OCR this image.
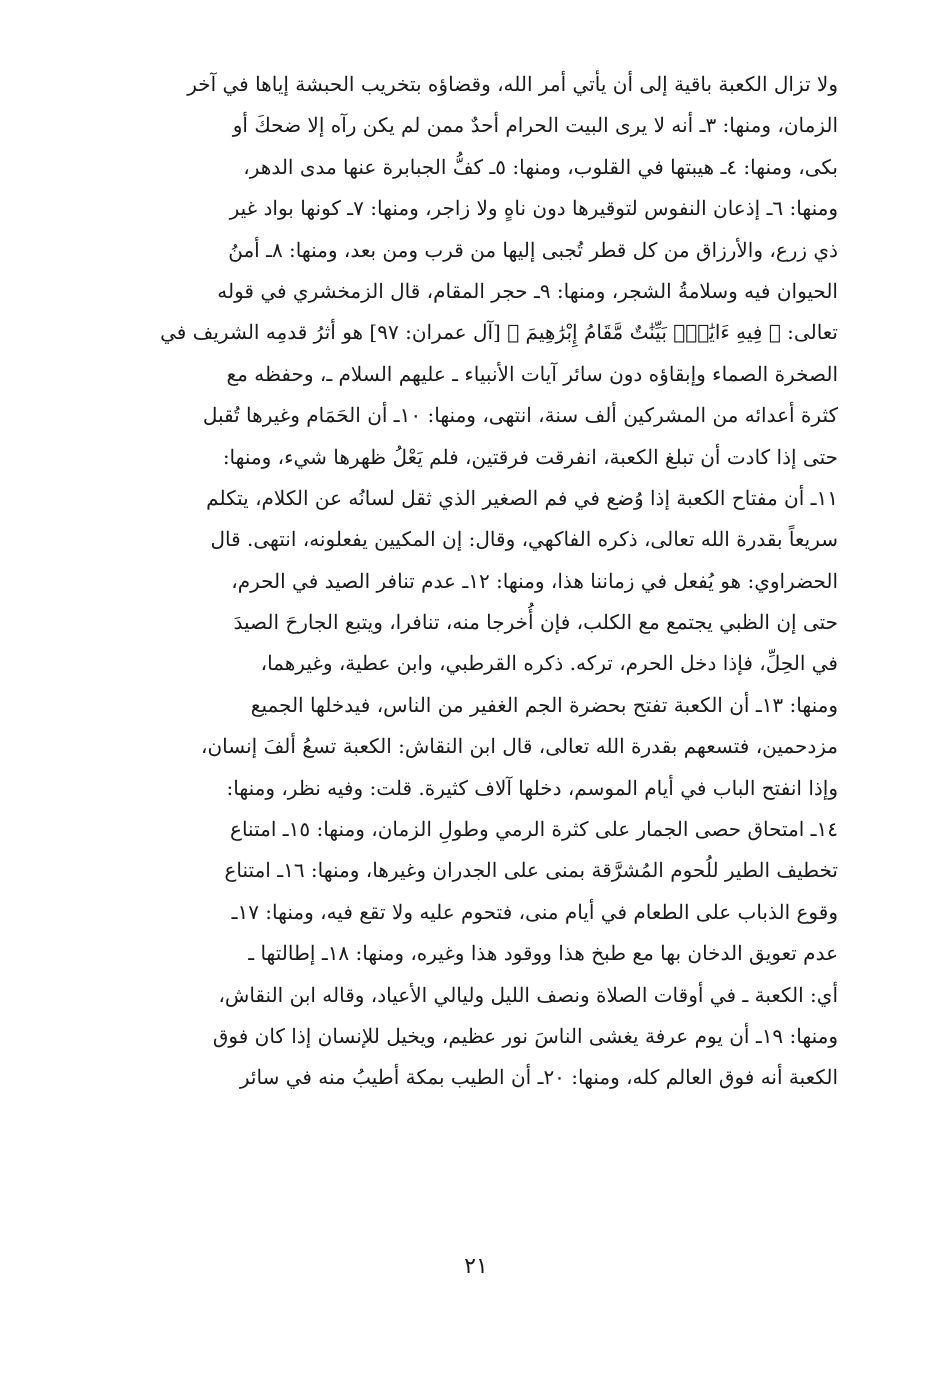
ولا تزال الكعبة باقية إلى أن يأتي أمر الله، وقضاؤه بتخريب الحبشة إياها في آخر
الزمان، ومنها: ٣ـ أنه لا يرى البيت الحرام أحدٌ ممن لم يكن رآه إلا ضحكَ أو
بكى، ومنها: ٤ـ هيبتها في القلوب، ومنها: ٥ـ كفُّ الجبابرة عنها مدى الدهر،
ومنها: ٦ـ إذعان النفوس لتوقيرها دون ناهٍ ولا زاجر، ومنها: ٧ـ كونها بواد غير
ذي زرع، والأرزاق من كل قطر تُجبى إليها من قرب ومن بعد، ومنها: ٨ـ أمنُ
الحيوان فيه وسلامةُ الشجر، ومنها: ٩ـ حجر المقام، قال الزمخشري في قوله
تعالى: ﴿ فِيهِ ءَايَٰتٌۢ بَيِّنَٰتٌ مَّقَامُ إِبْرَٰهِيمَ ﴾ [آل عمران: ٩٧] هو أثرُ قدمِه الشريف في
الصخرة الصماء وإبقاؤه دون سائر آيات الأنبياء ـ عليهم السلام ـ، وحفظه مع
كثرة أعدائه من المشركين ألف سنة، انتهى، ومنها: ١٠ـ أن الحَمَام وغيرها تُقبل
حتى إذا كادت أن تبلغ الكعبة، انفرقت فرقتين، فلم يَعْلُ ظهرها شيء، ومنها:
١١ـ أن مفتاح الكعبة إذا وُضع في فم الصغير الذي ثقل لسانُه عن الكلام، يتكلم
سريعاً بقدرة الله تعالى، ذكره الفاكهي، وقال: إن المكيين يفعلونه، انتهى. قال
الحضراوي: هو يُفعل في زماننا هذا، ومنها: ١٢ـ عدم تنافر الصيد في الحرم،
حتى إن الظبي يجتمع مع الكلب، فإن أُخرجا منه، تنافرا، ويتبع الجارحَ الصيدَ
في الحِلِّ، فإذا دخل الحرم، تركه. ذكره القرطبي، وابن عطية، وغيرهما،
ومنها: ١٣ـ أن الكعبة تفتح بحضرة الجم الغفير من الناس، فيدخلها الجميع
مزدحمين، فتسعهم بقدرة الله تعالى، قال ابن النقاش: الكعبة تسعُ ألفَ إنسان،
وإذا انفتح الباب في أيام الموسم، دخلها آلاف كثيرة. قلت: وفيه نظر، ومنها:
١٤ـ امتحاق حصى الجمار على كثرة الرمي وطولِ الزمان، ومنها: ١٥ـ امتناع
تخطيف الطير للُحوم المُشرَّقة بمنى على الجدران وغيرها، ومنها: ١٦ـ امتناع
وقوع الذباب على الطعام في أيام منى، فتحوم عليه ولا تقع فيه، ومنها: ١٧ـ
عدم تعويق الدخان بها مع طبخ هذا ووقود هذا وغيره، ومنها: ١٨ـ إطالتها ـ
أي: الكعبة ـ في أوقات الصلاة ونصف الليل وليالي الأعياد، وقاله ابن النقاش،
ومنها: ١٩ـ أن يوم عرفة يغشى الناسَ نور عظيم، ويخيل للإنسان إذا كان فوق
الكعبة أنه فوق العالم كله، ومنها: ٢٠ـ أن الطيب بمكة أطيبُ منه في سائر
٢١
